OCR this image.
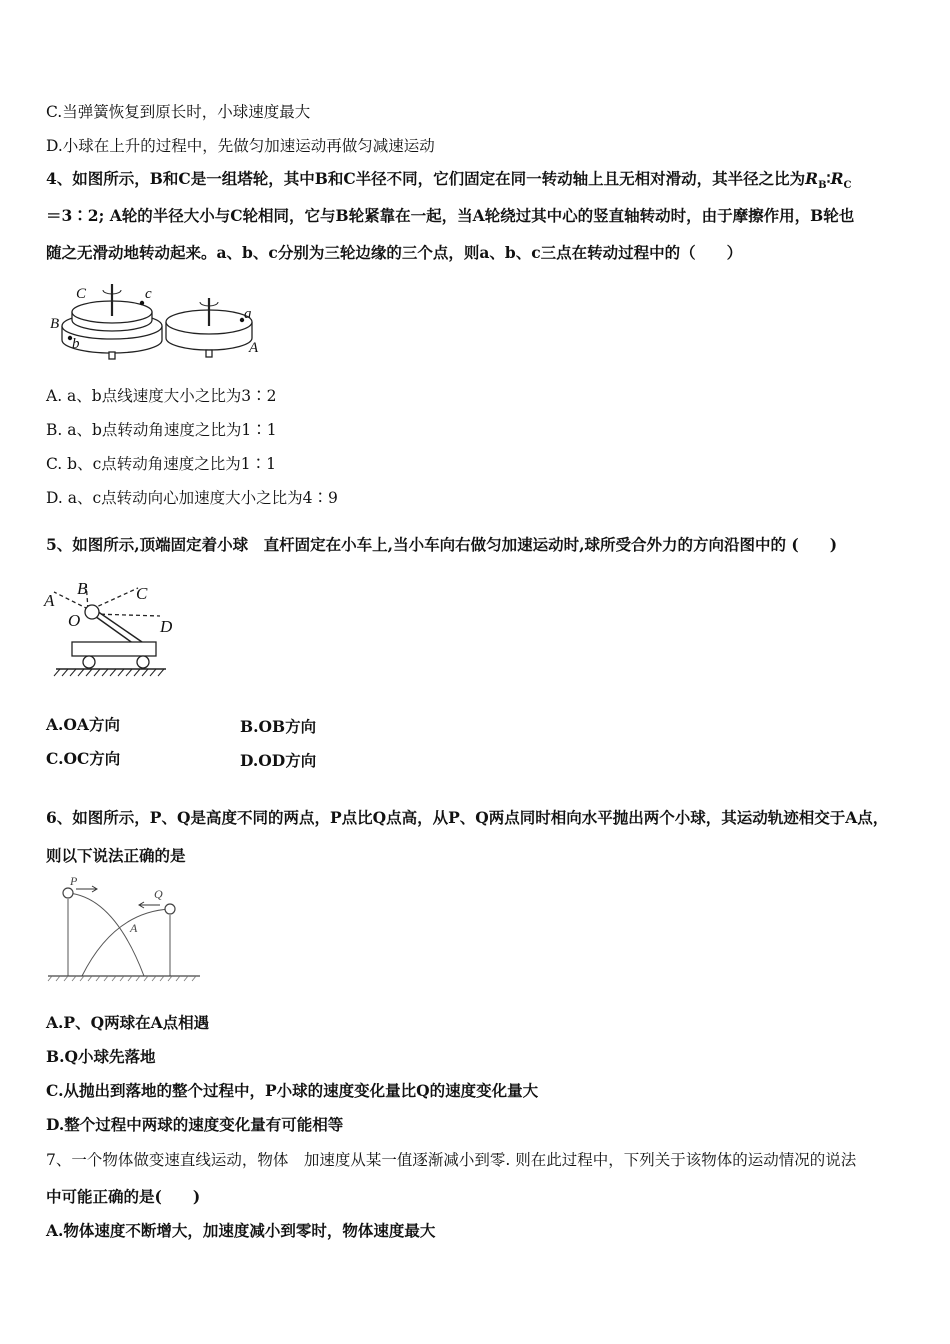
C.当弹簧恢复到原长时，小球速度最大
D.小球在上升的过程中，先做匀加速运动再做匀减速运动
4、如图所示，B和C是一组塔轮，其中B和C半径不同，它们固定在同一转动轴上且无相对滑动，其半径之比为$R_B∶R_C$
＝3∶2; A轮的半径大小与C轮相同，它与B轮紧靠在一起，当A轮绕过其中心的竖直轴转动时，由于摩擦作用，B轮也
随之无滑动地转动起来。a、b、c分别为三轮边缘的三个点，则a、b、c三点在转动过程中的（　　）
C	c
B
b
a
A
A. a、b点线速度大小之比为3∶2
B. a、b点转动角速度之比为1∶1
C. b、c点转动角速度之比为1∶1
D. a、c点转动向心加速度大小之比为4∶9
5、如图所示,顶端固定着小球　直杆固定在小车上,当小车向右做匀加速运动时,球所受合外力的方向沿图中的 (　　)
A
B	C
O	D
A.OA方向	B.OB方向
C.OC方向	D.OD方向
6、如图所示，P、Q是高度不同的两点，P点比Q点高，从P、Q两点同时相向水平抛出两个小球，其运动轨迹相交于A点，
则以下说法正确的是
P
Q
A
A.P、Q两球在A点相遇
B.Q小球先落地
C.从抛出到落地的整个过程中，P小球的速度变化量比Q的速度变化量大
D.整个过程中两球的速度变化量有可能相等
7、一个物体做变速直线运动，物体　加速度从某一值逐渐减小到零. 则在此过程中，下列关于该物体的运动情况的说法
中可能正确的是(　　)
A.物体速度不断增大，加速度减小到零时，物体速度最大
